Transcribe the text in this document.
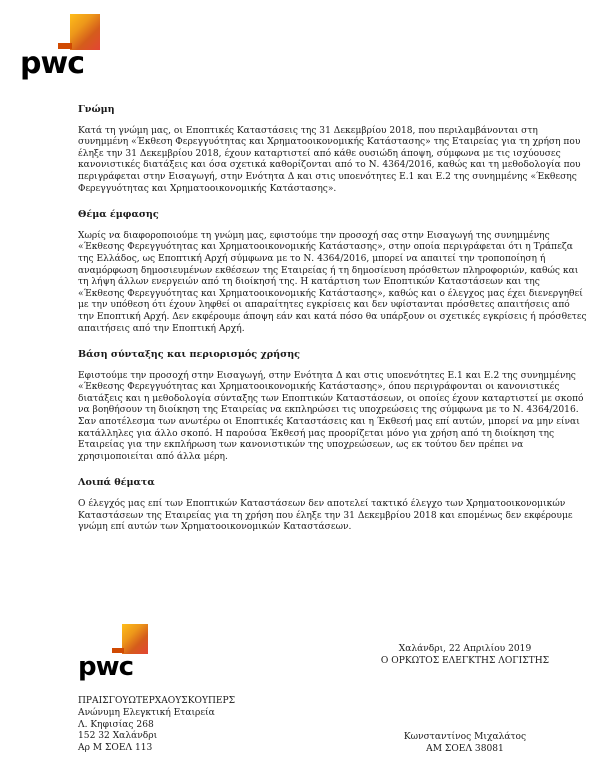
pwc
Γνώμη

Κατά τη γνώμη μας, οι Εποπτικές Καταστάσεις της 31 Δεκεμβρίου 2018, που περιλαμβάνονται στη συνημμένη «Έκθεση Φερεγγυότητας και Χρηματοοικονομικής Κατάστασης» της Εταιρείας για τη χρήση που έληξε την 31 Δεκεμβρίου 2018, έχουν καταρτιστεί από κάθε ουσιώδη άποψη, σύμφωνα με τις ισχύουσες κανονιστικές διατάξεις και όσα σχετικά καθορίζονται από το Ν. 4364/2016, καθώς και τη μεθοδολογία που περιγράφεται στην Εισαγωγή, στην Ενότητα Δ και στις υποενότητες Ε.1 και Ε.2 της συνημμένης «Έκθεσης Φερεγγυότητας και Χρηματοοικονομικής Κατάστασης».

Θέμα έμφασης

Χωρίς να διαφοροποιούμε τη γνώμη μας, εφιστούμε την προσοχή σας στην Εισαγωγή της συνημμένης «Έκθεσης Φερεγγυότητας και Χρηματοοικονομικής Κατάστασης», στην οποία περιγράφεται ότι η Τράπεζα της Ελλάδος, ως Εποπτική Αρχή σύμφωνα με το Ν. 4364/2016, μπορεί να απαιτεί την τροποποίηση ή αναμόρφωση δημοσιευμένων εκθέσεων της Εταιρείας ή τη δημοσίευση πρόσθετων πληροφοριών, καθώς και τη λήψη άλλων ενεργειών από τη διοίκησή της. Η κατάρτιση των Εποπτικών Καταστάσεων και της «Έκθεσης Φερεγγυότητας και Χρηματοοικονομικής Κατάστασης», καθώς και ο έλεγχος μας έχει διενεργηθεί με την υπόθεση ότι έχουν ληφθεί οι απαραίτητες εγκρίσεις και δεν υφίστανται πρόσθετες απαιτήσεις από την Εποπτική Αρχή. Δεν εκφέρουμε άποψη εάν και κατά πόσο θα υπάρξουν οι σχετικές εγκρίσεις ή πρόσθετες απαιτήσεις από την Εποπτική Αρχή.

Βάση σύνταξης και περιορισμός χρήσης

Εφιστούμε την προσοχή στην Εισαγωγή, στην Ενότητα Δ και στις υποενότητες Ε.1 και Ε.2 της συνημμένης «Έκθεσης Φερεγγυότητας και Χρηματοοικονομικής Κατάστασης», όπου περιγράφονται οι κανονιστικές διατάξεις και η μεθοδολογία σύνταξης των Εποπτικών Καταστάσεων, οι οποίες έχουν καταρτιστεί με σκοπό να βοηθήσουν τη διοίκηση της Εταιρείας να εκπληρώσει τις υποχρεώσεις της σύμφωνα με το Ν. 4364/2016. Σαν αποτέλεσμα των ανωτέρω οι Εποπτικές Καταστάσεις και η Έκθεσή μας επί αυτών, μπορεί να μην είναι κατάλληλες για άλλο σκοπό. Η παρούσα Έκθεσή μας προορίζεται μόνο για χρήση από τη διοίκηση της Εταιρείας για την εκπλήρωση των κανονιστικών της υποχρεώσεων, ως εκ τούτου δεν πρέπει να χρησιμοποιείται από άλλα μέρη.

Λοιπά θέματα

Ο έλεγχός μας επί των Εποπτικών Καταστάσεων δεν αποτελεί τακτικό έλεγχο των Χρηματοοικονομικών Καταστάσεων της Εταιρείας για τη χρήση που έληξε την 31 Δεκεμβρίου 2018 και επομένως δεν εκφέρουμε γνώμη επί αυτών των Χρηματοοικονομικών Καταστάσεων.

pwc
Χαλάνδρι, 22 Απριλίου 2019
Ο ΟΡΚΩΤΟΣ ΕΛΕΓΚΤΗΣ ΛΟΓΙΣΤΗΣ
ΠΡΑΙΣΓΟΥΩΤΕΡΧΑΟΥΣΚΟΥΠΕΡΣ
Ανώνυμη Ελεγκτική Εταιρεία
Λ. Κηφισίας 268
152 32 Χαλάνδρι
Αρ Μ ΣΟΕΛ 113
Κωνσταντίνος Μιχαλάτος
ΑΜ ΣΟΕΛ 38081
